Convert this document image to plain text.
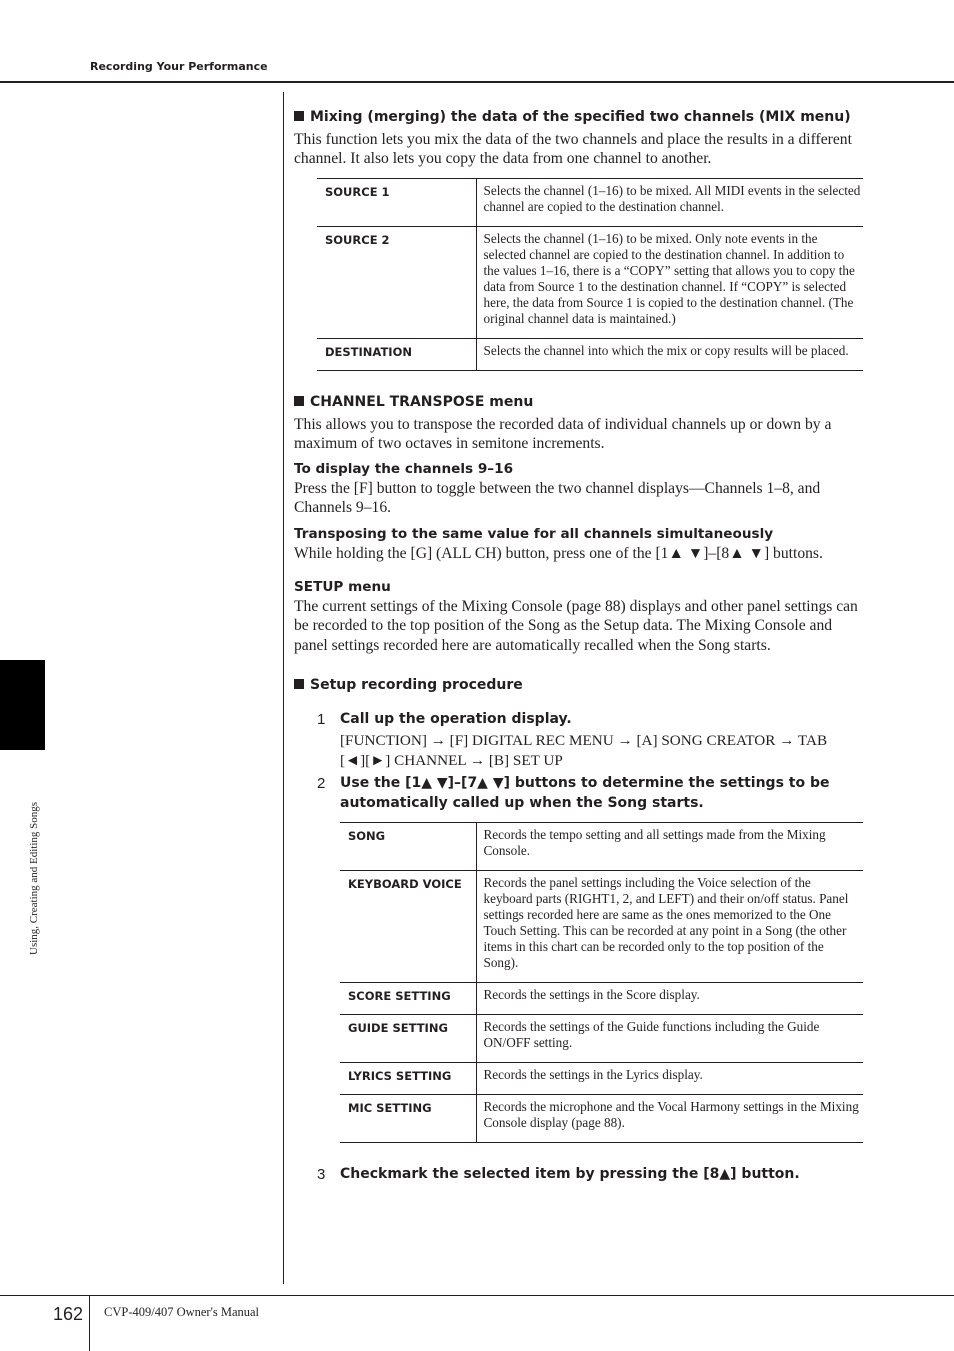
Recording Your Performance
Using, Creating and Editing Songs

Mixing (merging) the data of the specified two channels (MIX menu)

This function lets you mix the data of the two channels and place the results in a different channel. It also lets you copy the data from one channel to another.

SOURCE 1	Selects the channel (1–16) to be mixed. All MIDI events in the selected channel are copied to the destination channel.
SOURCE 2	Selects the channel (1–16) to be mixed. Only note events in the selected channel are copied to the destination channel. In addition to the values 1–16, there is a “COPY” setting that allows you to copy the data from Source 1 to the destination channel. If “COPY” is selected here, the data from Source 1 is copied to the destination channel. (The original channel data is maintained.)
DESTINATION	Selects the channel into which the mix or copy results will be placed.

CHANNEL TRANSPOSE menu

This allows you to transpose the recorded data of individual channels up or down by a maximum of two octaves in semitone increments.

To display the channels 9–16

Press the [F] button to toggle between the two channel displays—Channels 1–8, and Channels 9–16.

Transposing to the same value for all channels simultaneously

While holding the [G] (ALL CH) button, press one of the [1▲ ▼]–[8▲ ▼] buttons.

SETUP menu

The current settings of the Mixing Console (page 88) displays and other panel settings can be recorded to the top position of the Song as the Setup data. The Mixing Console and panel settings recorded here are automatically recalled when the Song starts.

Setup recording procedure

1 Call up the operation display.

[FUNCTION] → [F] DIGITAL REC MENU → [A] SONG CREATOR → TAB

[◄][►] CHANNEL → [B] SET UP

2 Use the [1▲ ▼]–[7▲ ▼] buttons to determine the settings to be automatically called up when the Song starts.

SONG	Records the tempo setting and all settings made from the Mixing Console.
KEYBOARD VOICE	Records the panel settings including the Voice selection of the keyboard parts (RIGHT1, 2, and LEFT) and their on/off status. Panel settings recorded here are same as the ones memorized to the One Touch Setting. This can be recorded at any point in a Song (the other items in this chart can be recorded only to the top position of the Song).
SCORE SETTING	Records the settings in the Score display.
GUIDE SETTING	Records the settings of the Guide functions including the Guide ON/OFF setting.
LYRICS SETTING	Records the settings in the Lyrics display.
MIC SETTING	Records the microphone and the Vocal Harmony settings in the Mixing Console display (page 88).
3 Checkmark the selected item by pressing the [8▲] button.

162 CVP-409/407 Owner's Manual
